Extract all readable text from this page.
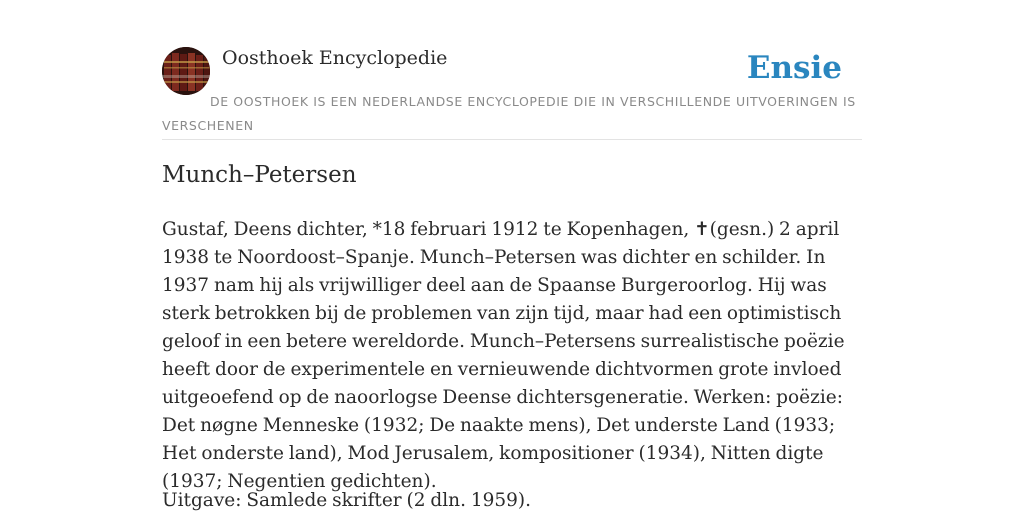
Oosthoek Encyclopedie	Ensie

DE OOSTHOEK IS EEN NEDERLANDSE ENCYCLOPEDIE DIE IN VERSCHILLENDE UITVOERINGEN IS VERSCHENEN

Munch–Petersen

Gustaf, Deens dichter, *18 februari 1912 te Kopenhagen, ✝(gesn.) 2 april 1938 te Noordoost–Spanje. Munch–Petersen was dichter en schilder. In 1937 nam hij als vrijwilliger deel aan de Spaanse Burgeroorlog. Hij was sterk betrokken bij de problemen van zijn tijd, maar had een optimistisch geloof in een betere wereldorde. Munch–Petersens surrealistische poëzie heeft door de experimentele en vernieuwende dichtvormen grote invloed uitgeoefend op de naoorlogse Deense dichtersgeneratie. Werken: poëzie: Det nøgne Menneske (1932; De naakte mens), Det underste Land (1933; Het onderste land), Mod Jerusalem, kompositioner (1934), Nitten digte (1937; Negentien gedichten).

Uitgave: Samlede skrifter (2 dln. 1959).
